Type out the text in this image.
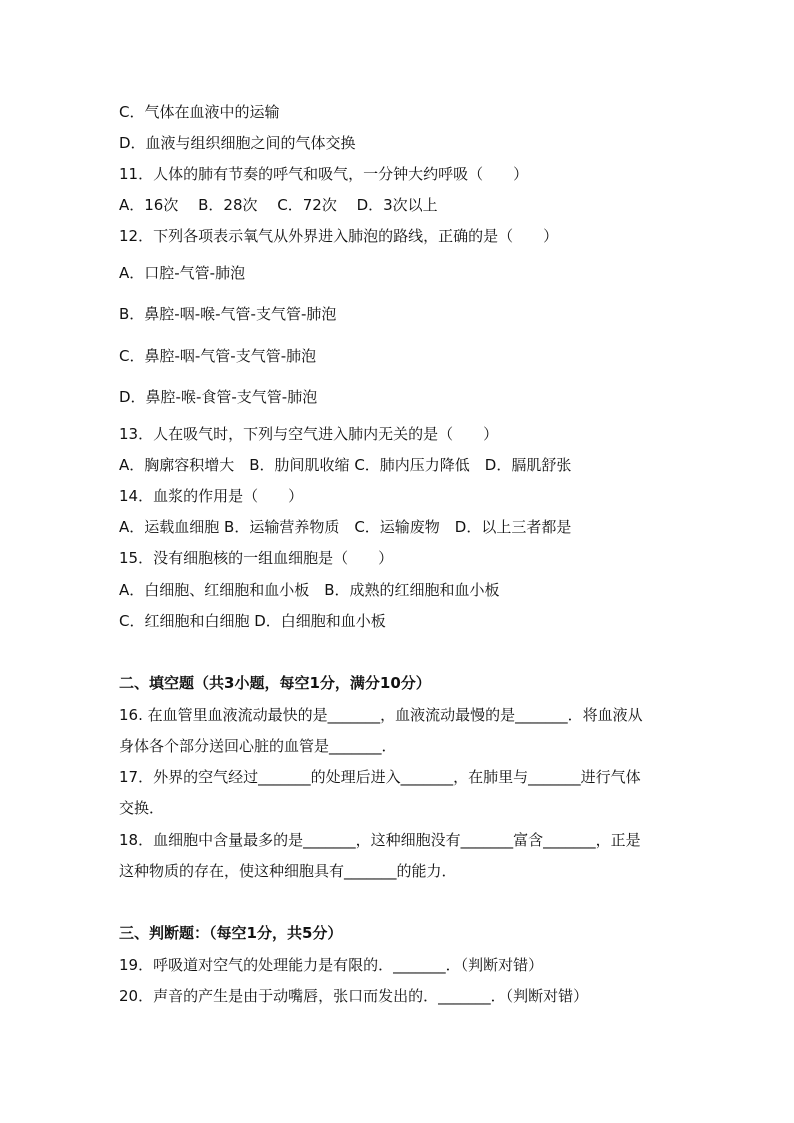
C．气体在血液中的运输
D．血液与组织细胞之间的气体交换
11．人体的肺有节奏的呼气和吸气，一分钟大约呼吸（　　）
A．16次　 B．28次　 C．72次　 D．3次以上
12．下列各项表示氧气从外界进入肺泡的路线，正确的是（　　）
A．口腔-气管-肺泡
B．鼻腔-咽-喉-气管-支气管-肺泡
C．鼻腔-咽-气管-支气管-肺泡
D．鼻腔-喉-食管-支气管-肺泡
13．人在吸气时，下列与空气进入肺内无关的是（　　）
A．胸廓容积增大　B．肋间肌收缩 C．肺内压力降低　D．膈肌舒张
14．血浆的作用是（　　）
A．运载血细胞 B．运输营养物质　C．运输废物　D．以上三者都是
15．没有细胞核的一组血细胞是（　　）
A．白细胞、红细胞和血小板　B．成熟的红细胞和血小板
C．红细胞和白细胞 D．白细胞和血小板
二、填空题（共3小题，每空1分，满分10分）
16. 在血管里血液流动最快的是_______，血液流动最慢的是_______．将血液从
身体各个部分送回心脏的血管是_______．
17．外界的空气经过_______的处理后进入_______，在肺里与_______进行气体
交换．
18．血细胞中含量最多的是_______，这种细胞没有_______富含_______，正是
这种物质的存在，使这种细胞具有_______的能力．
三、判断题：（每空1分，共5分）
19．呼吸道对空气的处理能力是有限的．_______．（判断对错）
20．声音的产生是由于动嘴唇，张口而发出的．_______．（判断对错）
